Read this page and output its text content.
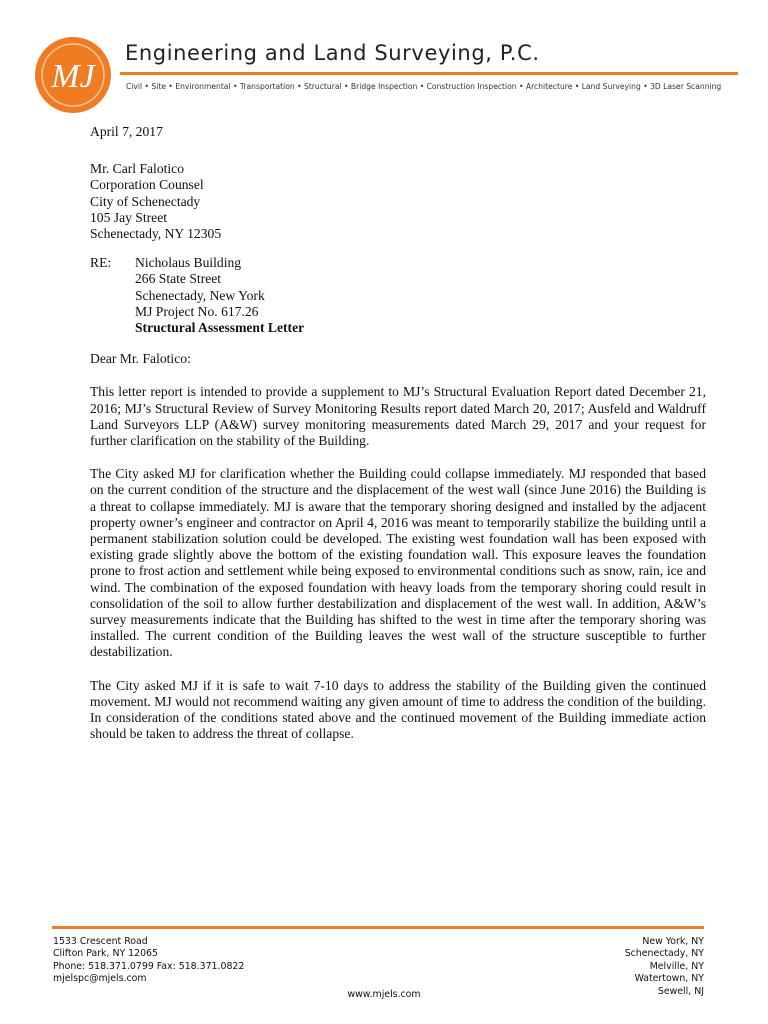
MJ
Engineering and Land Surveying, P.C.
Civil • Site • Environmental • Transportation • Structural • Bridge Inspection • Construction Inspection • Architecture • Land Surveying • 3D Laser Scanning

April 7, 2017

Mr. Carl Falotico
Corporation Counsel
City of Schenectady
105 Jay Street
Schenectady, NY 12305
RE:	Nicholaus Building
266 State Street
Schenectady, New York
MJ Project No. 617.26
Structural Assessment Letter

Dear Mr. Falotico:

This letter report is intended to provide a supplement to MJ’s Structural Evaluation Report dated December 21, 2016; MJ’s Structural Review of Survey Monitoring Results report dated March 20, 2017; Ausfeld and Waldruff Land Surveyors LLP (A&W) survey monitoring measurements dated March 29, 2017 and your request for further clarification on the stability of the Building.

The City asked MJ for clarification whether the Building could collapse immediately. MJ responded that based on the current condition of the structure and the displacement of the west wall (since June 2016) the Building is a threat to collapse immediately. MJ is aware that the temporary shoring designed and installed by the adjacent property owner’s engineer and contractor on April 4, 2016 was meant to temporarily stabilize the building until a permanent stabilization solution could be developed. The existing west foundation wall has been exposed with existing grade slightly above the bottom of the existing foundation wall. This exposure leaves the foundation prone to frost action and settlement while being exposed to environmental conditions such as snow, rain, ice and wind. The combination of the exposed foundation with heavy loads from the temporary shoring could result in consolidation of the soil to allow further destabilization and displacement of the west wall. In addition, A&W’s survey measurements indicate that the Building has shifted to the west in time after the temporary shoring was installed. The current condition of the Building leaves the west wall of the structure susceptible to further destabilization.

The City asked MJ if it is safe to wait 7-10 days to address the stability of the Building given the continued movement. MJ would not recommend waiting any given amount of time to address the condition of the building. In consideration of the conditions stated above and the continued movement of the Building immediate action should be taken to address the threat of collapse.

1533 Crescent Road
Clifton Park, NY 12065
Phone: 518.371.0799 Fax: 518.371.0822
mjelspc@mjels.com
New York, NY
Schenectady, NY
Melville, NY
Watertown, NY
Sewell, NJ
www.mjels.com
